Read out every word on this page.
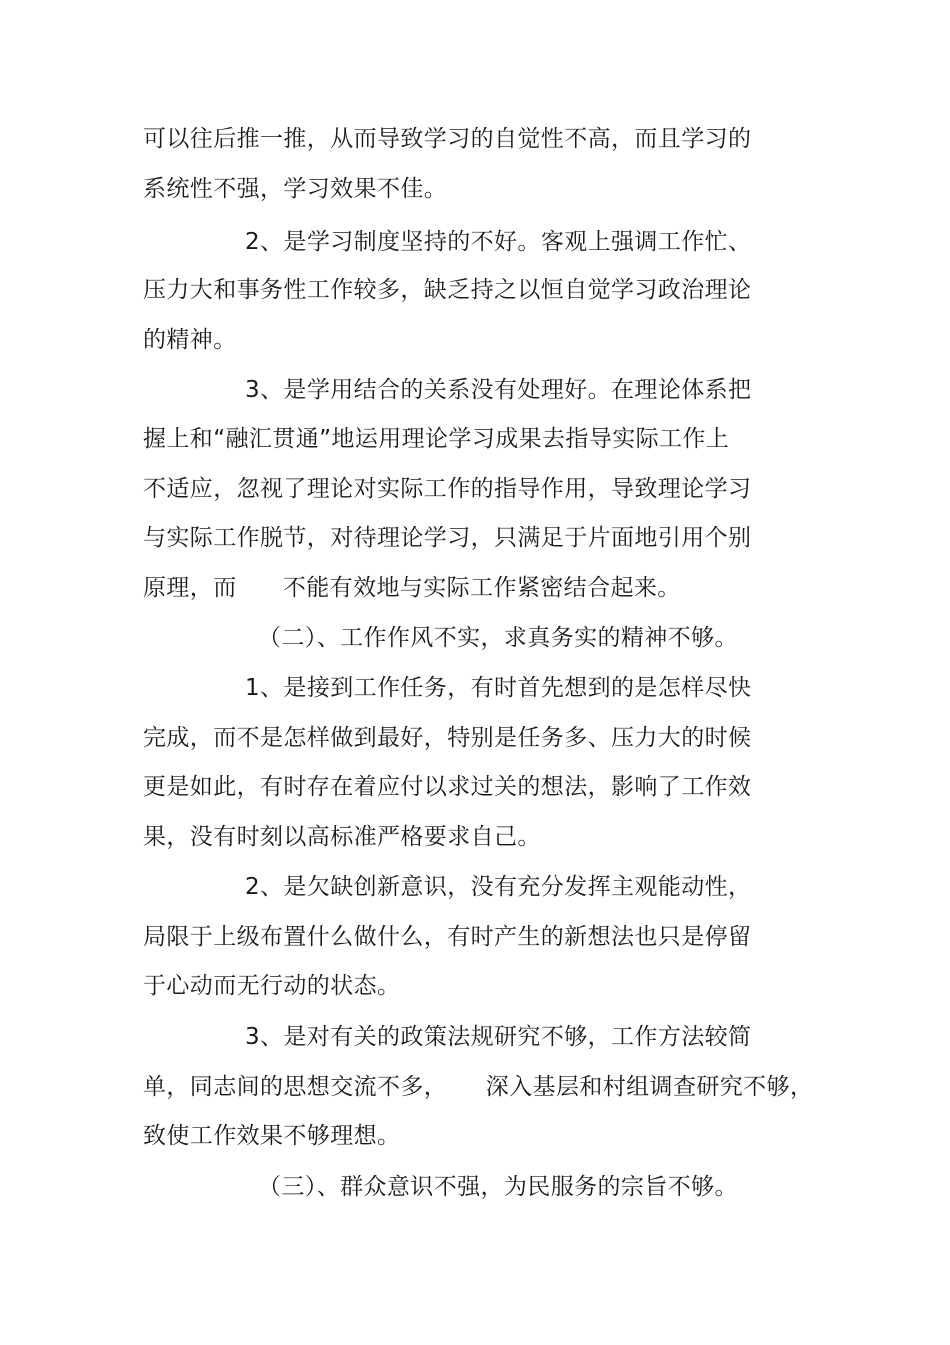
可以往后推一推，从而导致学习的自觉性不高，而且学习的
系统性不强，学习效果不佳。
2、是学习制度坚持的不好。客观上强调工作忙、
压力大和事务性工作较多，缺乏持之以恒自觉学习政治理论
的精神。
3、是学用结合的关系没有处理好。在理论体系把
握上和“融汇贯通”地运用理论学习成果去指导实际工作上
不适应，忽视了理论对实际工作的指导作用，导致理论学习
与实际工作脱节，对待理论学习，只满足于片面地引用个别
原理，而      不能有效地与实际工作紧密结合起来。
（二）、工作作风不实，求真务实的精神不够。
1、是接到工作任务，有时首先想到的是怎样尽快
完成，而不是怎样做到最好，特别是任务多、压力大的时候
更是如此，有时存在着应付以求过关的想法，影响了工作效
果，没有时刻以高标准严格要求自己。
2、是欠缺创新意识，没有充分发挥主观能动性，
局限于上级布置什么做什么，有时产生的新想法也只是停留
于心动而无行动的状态。
3、是对有关的政策法规研究不够，工作方法较简
单，同志间的思想交流不多，     深入基层和村组调查研究不够，
致使工作效果不够理想。
（三）、群众意识不强，为民服务的宗旨不够。
